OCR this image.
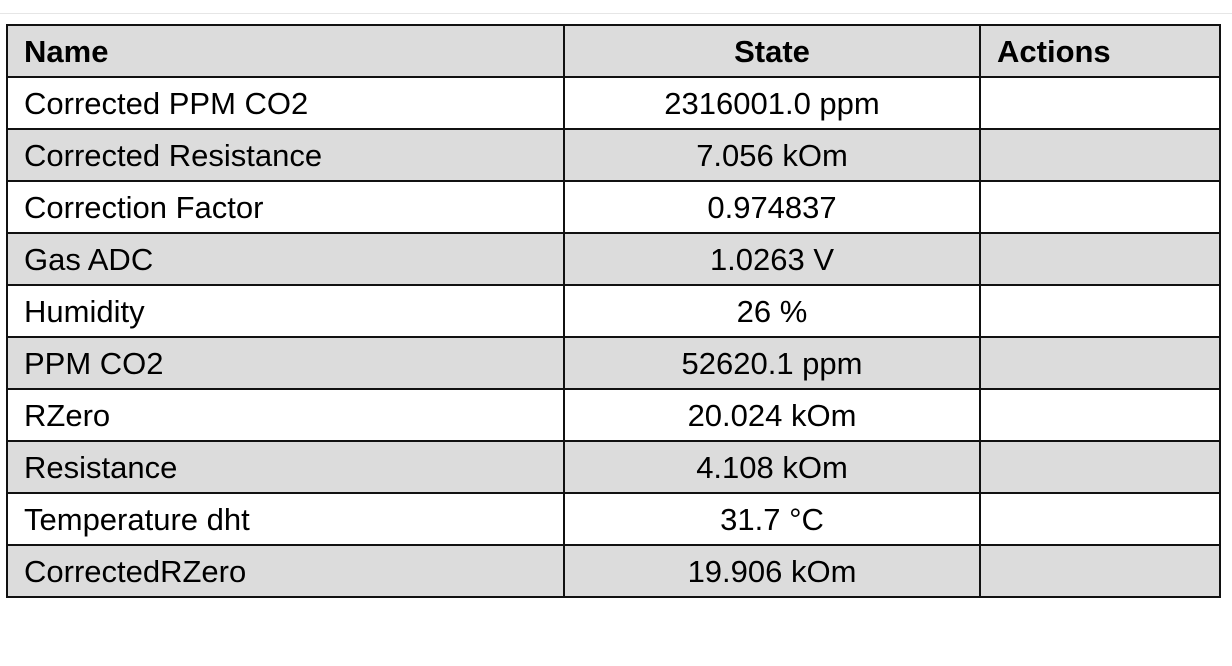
Name	State	Actions
Corrected PPM CO2	2316001.0 ppm	
Corrected Resistance	7.056 kOm	
Correction Factor	0.974837	
Gas ADC	1.0263 V	
Humidity	26 %	
PPM CO2	52620.1 ppm	
RZero	20.024 kOm	
Resistance	4.108 kOm	
Temperature dht	31.7 °C	
CorrectedRZero	19.906 kOm	
